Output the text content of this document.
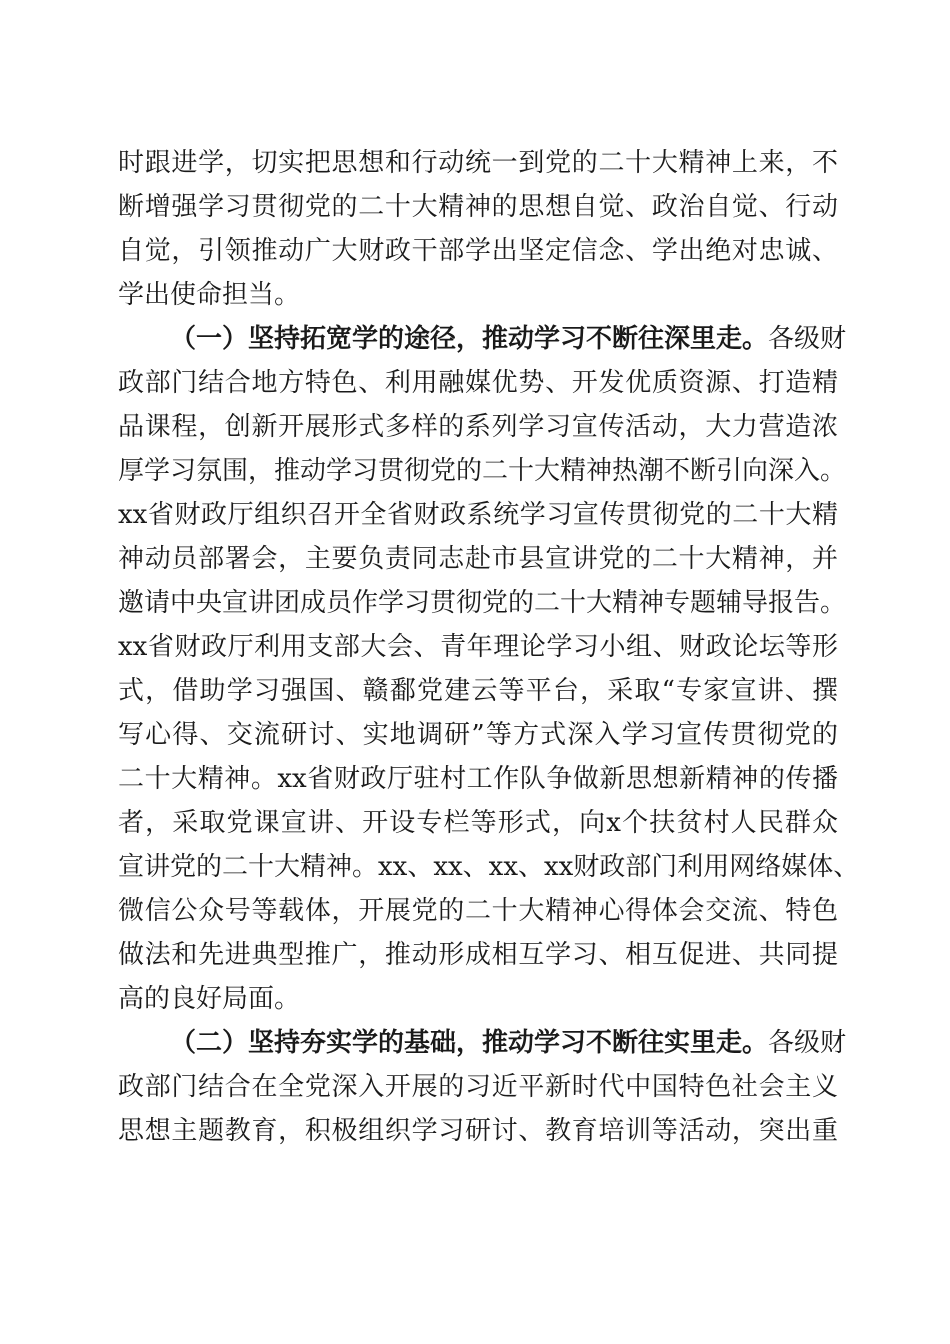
时跟进学，切实把思想和行动统一到党的二十大精神上来，不
断增强学习贯彻党的二十大精神的思想自觉、政治自觉、行动
自觉，引领推动广大财政干部学出坚定信念、学出绝对忠诚、
学出使命担当。
（一）坚持拓宽学的途径，推动学习不断往深里走。各级财
政部门结合地方特色、利用融媒优势、开发优质资源、打造精
品课程，创新开展形式多样的系列学习宣传活动，大力营造浓
厚学习氛围，推动学习贯彻党的二十大精神热潮不断引向深入。
xx省财政厅组织召开全省财政系统学习宣传贯彻党的二十大精
神动员部署会，主要负责同志赴市县宣讲党的二十大精神，并
邀请中央宣讲团成员作学习贯彻党的二十大精神专题辅导报告。
xx省财政厅利用支部大会、青年理论学习小组、财政论坛等形
式，借助学习强国、赣鄱党建云等平台，采取“专家宣讲、撰
写心得、交流研讨、实地调研”等方式深入学习宣传贯彻党的
二十大精神。xx省财政厅驻村工作队争做新思想新精神的传播
者，采取党课宣讲、开设专栏等形式，向x个扶贫村人民群众
宣讲党的二十大精神。xx、xx、xx、xx财政部门利用网络媒体、
微信公众号等载体，开展党的二十大精神心得体会交流、特色
做法和先进典型推广，推动形成相互学习、相互促进、共同提
高的良好局面。
（二）坚持夯实学的基础，推动学习不断往实里走。各级财
政部门结合在全党深入开展的习近平新时代中国特色社会主义
思想主题教育，积极组织学习研讨、教育培训等活动，突出重
